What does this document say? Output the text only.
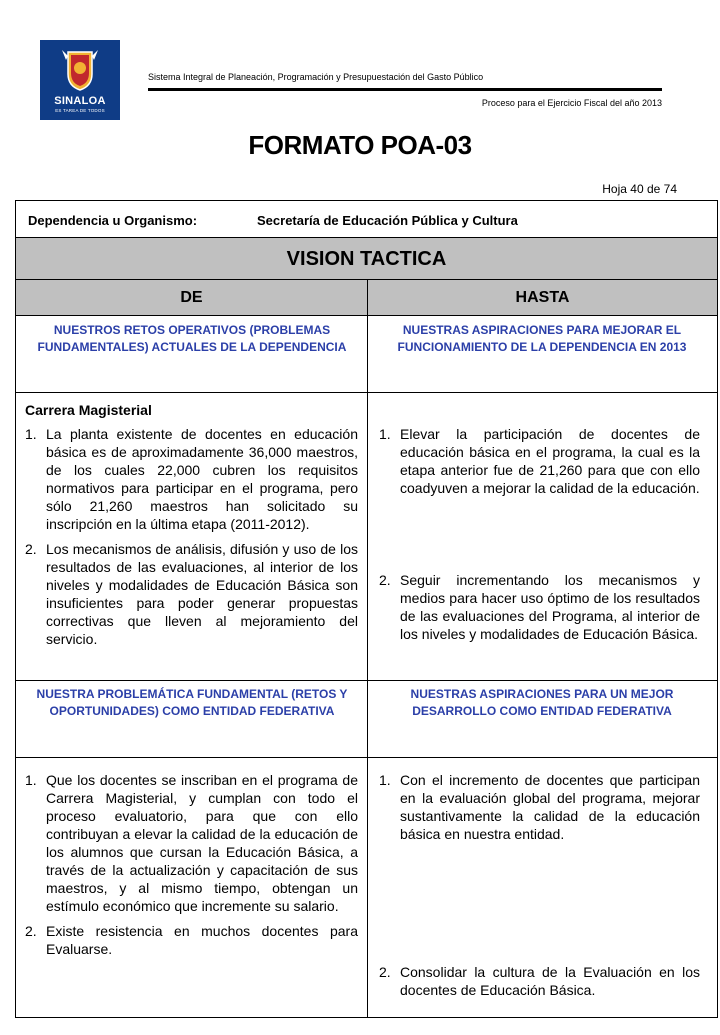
SINALOA
ES TAREA DE TODOS
Sistema Integral de Planeación, Programación y Presupuestación del Gasto Público
Proceso para el Ejercicio Fiscal del año 2013
FORMATO POA-03
Hoja 40 de 74
Dependencia u Organismo:	Secretaría de Educación Pública y Cultura
VISION TACTICA
DE	HASTA
NUESTROS RETOS OPERATIVOS (PROBLEMAS FUNDAMENTALES) ACTUALES DE LA DEPENDENCIA
NUESTRAS ASPIRACIONES PARA MEJORAR EL FUNCIONAMIENTO DE LA DEPENDENCIA EN 2013
Carrera Magisterial
1. La planta existente de docentes en educación básica es de aproximadamente 36,000 maestros, de los cuales 22,000 cubren los requisitos normativos para participar en el programa, pero sólo 21,260 maestros han solicitado su inscripción en la última etapa (2011-2012).
2. Los mecanismos de análisis, difusión y uso de los resultados de las evaluaciones, al interior de los niveles y modalidades de Educación Básica son insuficientes para poder generar propuestas correctivas que lleven al mejoramiento del servicio.
1. Elevar la participación de docentes de educación básica en el programa, la cual es la etapa anterior fue de 21,260 para que con ello coadyuven a mejorar la calidad de la educación.
2. Seguir incrementando los mecanismos y medios para hacer uso óptimo de los resultados de las evaluaciones del Programa, al interior de los niveles y modalidades de Educación Básica.
NUESTRA PROBLEMÁTICA FUNDAMENTAL (RETOS Y OPORTUNIDADES) COMO ENTIDAD FEDERATIVA
NUESTRAS ASPIRACIONES PARA UN MEJOR DESARROLLO COMO ENTIDAD FEDERATIVA
1. Que los docentes se inscriban en el programa de Carrera Magisterial, y cumplan con todo el proceso evaluatorio, para que con ello contribuyan a elevar la calidad de la educación de los alumnos que cursan la Educación Básica, a través de la actualización y capacitación de sus maestros, y al mismo tiempo, obtengan un estímulo económico que incremente su salario.
2. Existe resistencia en muchos docentes para Evaluarse.
1. Con el incremento de docentes que participan en la evaluación global del programa, mejorar sustantivamente la calidad de la educación básica en nuestra entidad.
2. Consolidar la cultura de la Evaluación en los docentes de Educación Básica.
